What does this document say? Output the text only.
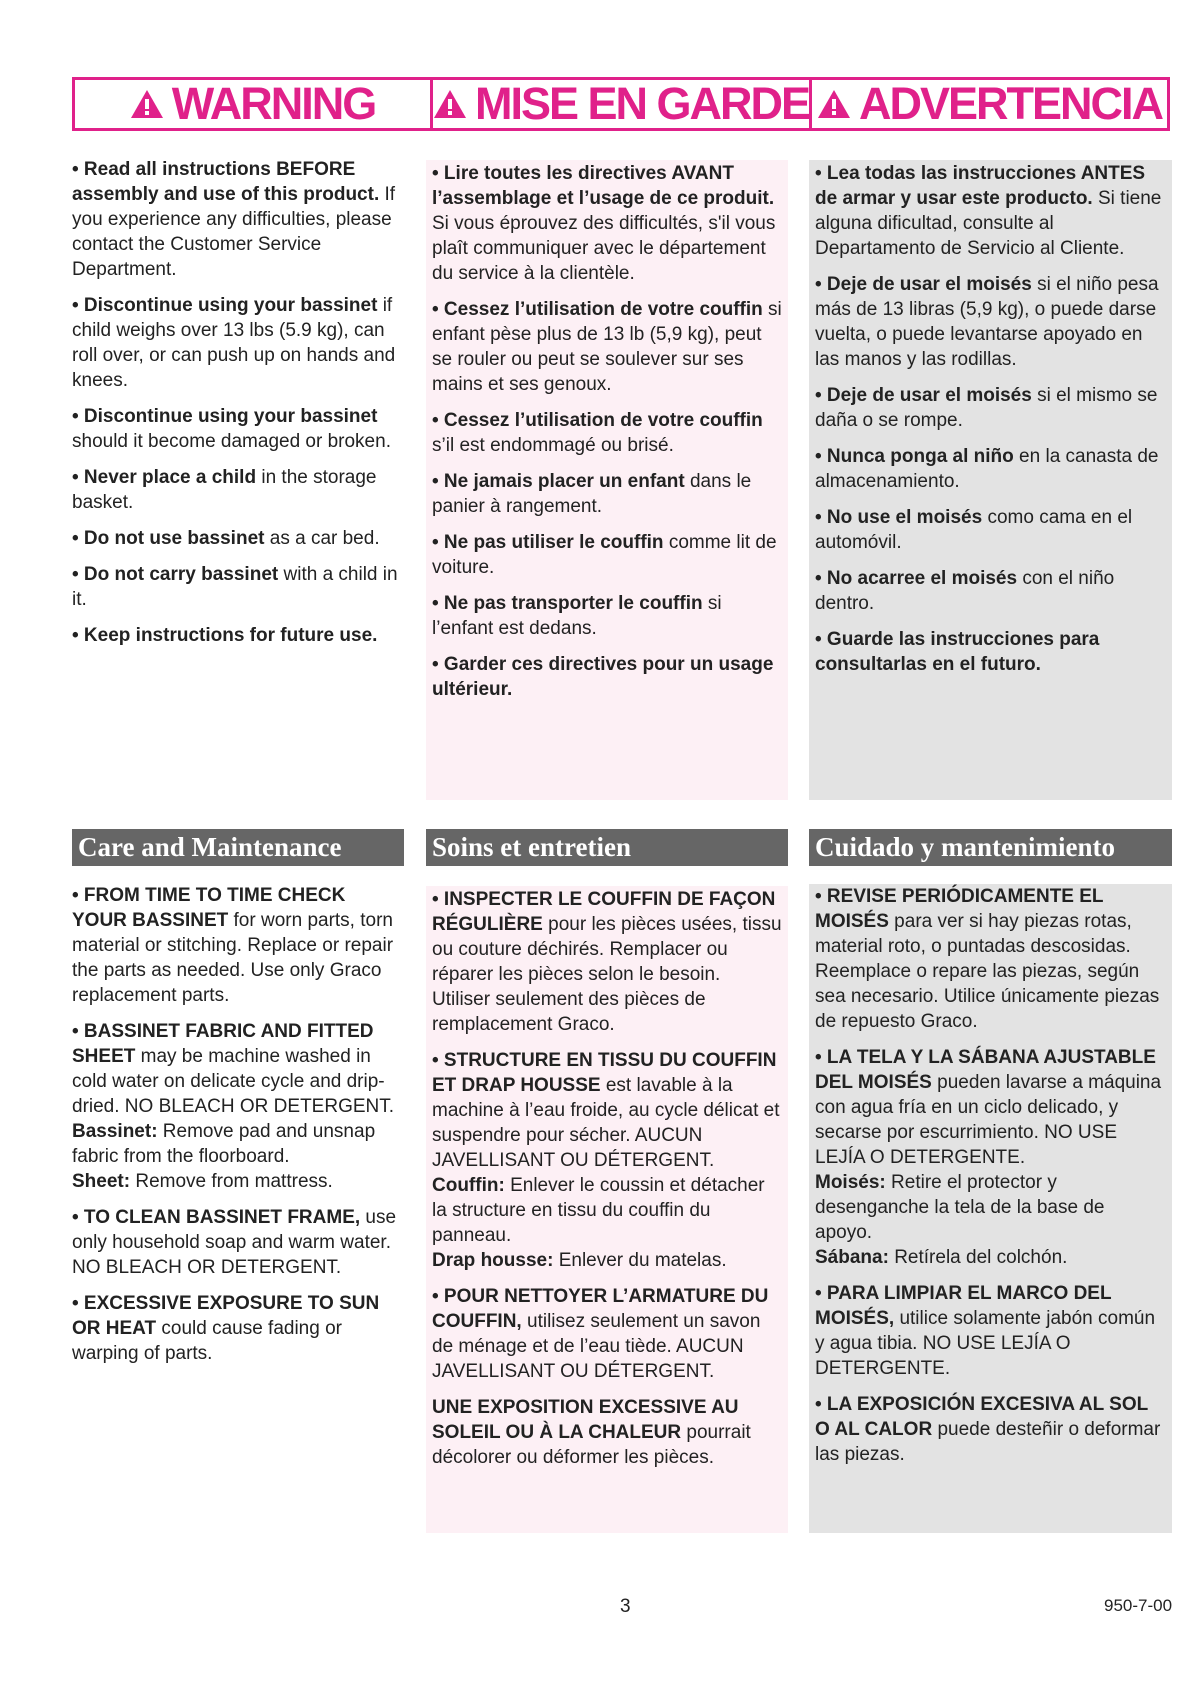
WARNING MISE EN GARDE ADVERTENCIA

• Read all instructions BEFORE assembly and use of this product. If you experience any difficulties, please contact the Customer Service Department.

• Discontinue using your bassinet if child weighs over 13 lbs (5.9 kg), can roll over, or can push up on hands and knees.

• Discontinue using your bassinet should it become damaged or broken.

• Never place a child in the storage basket.

• Do not use bassinet as a car bed.

• Do not carry bassinet with a child in it.

• Keep instructions for future use.

• Lire toutes les directives AVANT l’assemblage et l’usage de ce produit. Si vous éprouvez des difficultés, s'il vous plaît communiquer avec le département du service à la clientèle.

• Cessez l’utilisation de votre couffin si enfant pèse plus de 13 lb (5,9 kg), peut se rouler ou peut se soulever sur ses mains et ses genoux.

• Cessez l’utilisation de votre couffin s’il est endommagé ou brisé.

• Ne jamais placer un enfant dans le panier à rangement.

• Ne pas utiliser le couffin comme lit de voiture.

• Ne pas transporter le couffin si l’enfant est dedans.

• Garder ces directives pour un usage ultérieur.

• Lea todas las instrucciones ANTES de armar y usar este producto. Si tiene alguna dificultad, consulte al Departamento de Servicio al Cliente.

• Deje de usar el moisés si el niño pesa más de 13 libras (5,9 kg), o puede darse vuelta, o puede levantarse apoyado en las manos y las rodillas.

• Deje de usar el moisés si el mismo se daña o se rompe.

• Nunca ponga al niño en la canasta de almacenamiento.

• No use el moisés como cama en el automóvil.

• No acarree el moisés con el niño dentro.

• Guarde las instrucciones para consultarlas en el futuro.

Care and Maintenance	Soins et entretien	Cuidado y mantenimiento

• FROM TIME TO TIME CHECK YOUR BASSINET for worn parts, torn material or stitching. Replace or repair the parts as needed. Use only Graco replacement parts.

• BASSINET FABRIC AND FITTED SHEET may be machine washed in cold water on delicate cycle and drip-dried. NO BLEACH OR DETERGENT.
Bassinet: Remove pad and unsnap fabric from the floorboard.
Sheet: Remove from mattress.

• TO CLEAN BASSINET FRAME, use only household soap and warm water. NO BLEACH OR DETERGENT.

• EXCESSIVE EXPOSURE TO SUN OR HEAT could cause fading or warping of parts.

• INSPECTER LE COUFFIN DE FAÇON RÉGULIÈRE pour les pièces usées, tissu ou couture déchirés. Remplacer ou réparer les pièces selon le besoin. Utiliser seulement des pièces de remplacement Graco.

• STRUCTURE EN TISSU DU COUFFIN ET DRAP HOUSSE est lavable à la machine à l’eau froide, au cycle délicat et suspendre pour sécher. AUCUN JAVELLISANT OU DÉTERGENT.
Couffin: Enlever le coussin et détacher la structure en tissu du couffin du panneau.
Drap housse: Enlever du matelas.

• POUR NETTOYER L’ARMATURE DU COUFFIN, utilisez seulement un savon de ménage et de l’eau tiède. AUCUN JAVELLISANT OU DÉTERGENT.

UNE EXPOSITION EXCESSIVE AU SOLEIL OU À LA CHALEUR pourrait décolorer ou déformer les pièces.

• REVISE PERIÓDICAMENTE EL MOISÉS para ver si hay piezas rotas, material roto, o puntadas descosidas. Reemplace o repare las piezas, según sea necesario. Utilice únicamente piezas de repuesto Graco.

• LA TELA Y LA SÁBANA AJUSTABLE DEL MOISÉS pueden lavarse a máquina con agua fría en un ciclo delicado, y secarse por escurrimiento. NO USE LEJÍA O DETERGENTE.
Moisés: Retire el protector y desenganche la tela de la base de apoyo.
Sábana: Retírela del colchón.

• PARA LIMPIAR EL MARCO DEL MOISÉS, utilice solamente jabón común y agua tibia. NO USE LEJÍA O DETERGENTE.

• LA EXPOSICIÓN EXCESIVA AL SOL O AL CALOR puede desteñir o deformar las piezas.

3	950-7-00
